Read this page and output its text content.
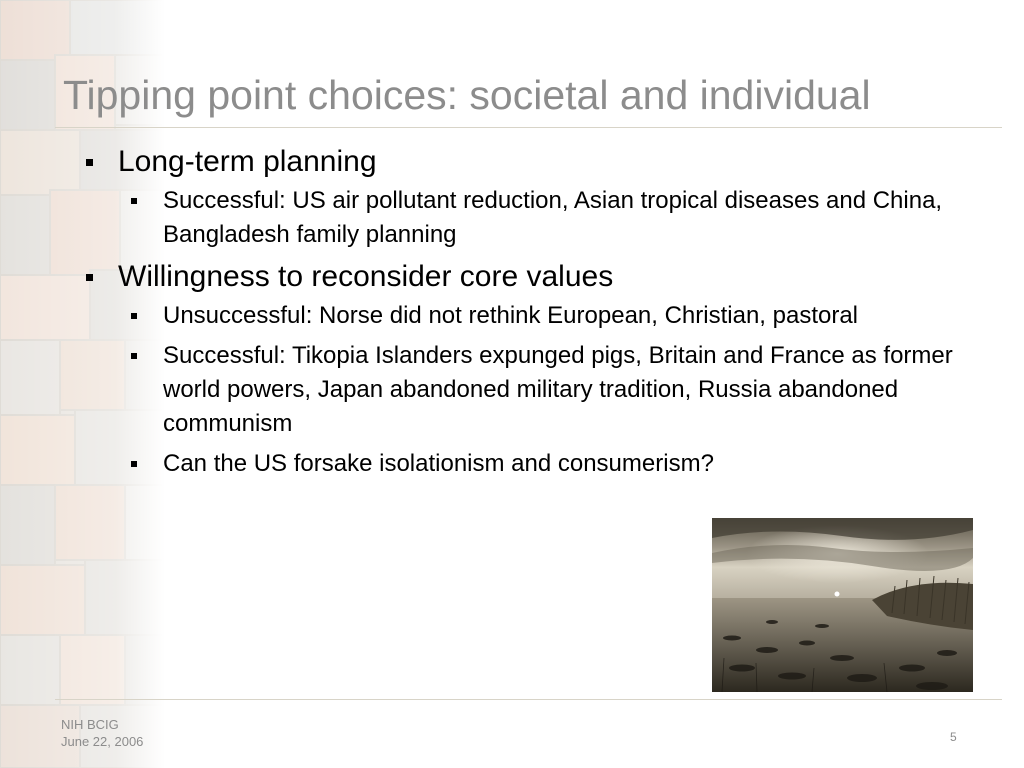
Tipping point choices: societal and individual
Long-term planning
Successful: US air pollutant reduction, Asian tropical diseases and China, Bangladesh family planning
Willingness to reconsider core values
Unsuccessful: Norse did not rethink European, Christian, pastoral
Successful: Tikopia Islanders expunged pigs, Britain and France as former world powers, Japan abandoned military tradition, Russia abandoned communism
Can the US forsake isolationism and consumerism?
NIH BCIG
June 22, 2006	5
